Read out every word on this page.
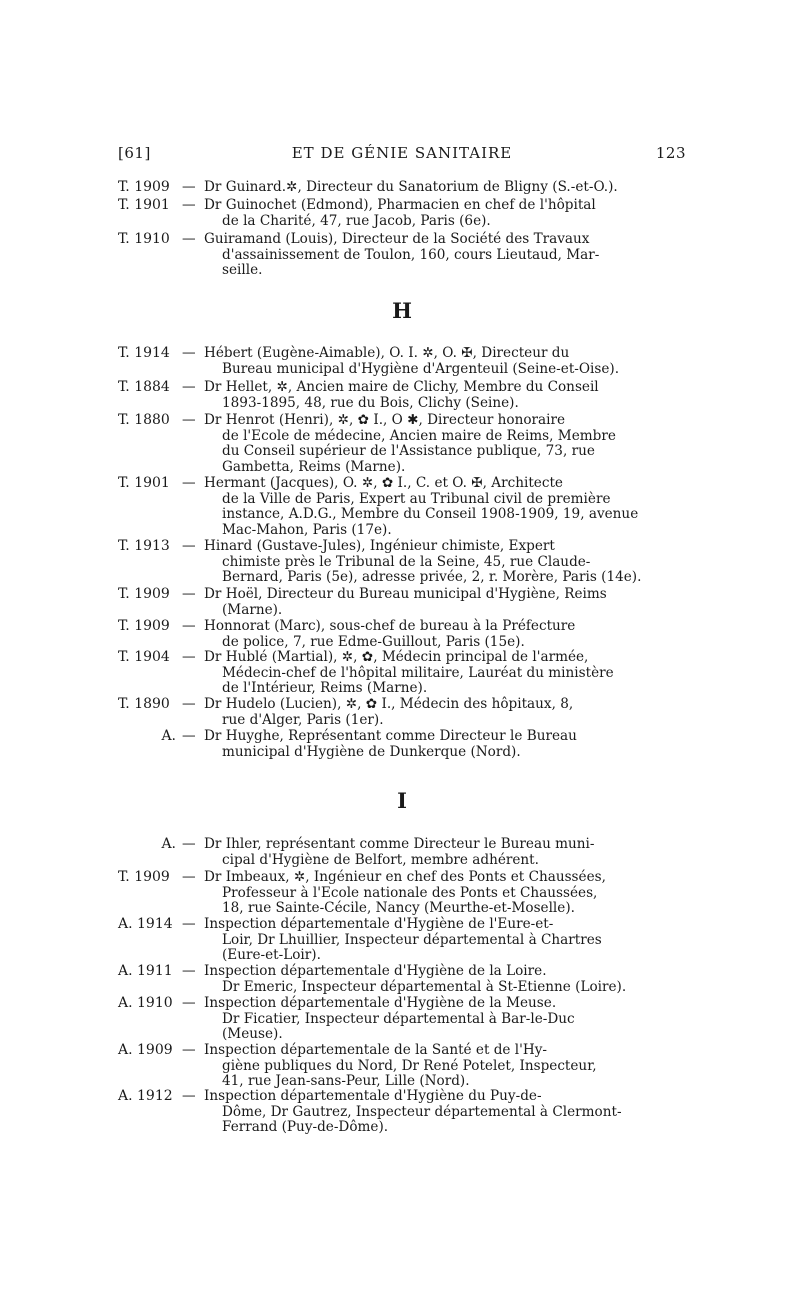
[61]	ET DE GÉNIE SANITAIRE	123
T. 1909 — Dr Guinard.✲, Directeur du Sanatorium de Bligny (S.-et-O.).
T. 1901 — Dr Guinochet (Edmond), Pharmacien en chef de l'hôpital
de la Charité, 47, rue Jacob, Paris (6e).
T. 1910 — Guiramand (Louis), Directeur de la Société des Travaux
d'assainissement de Toulon, 160, cours Lieutaud, Mar-
seille.
H
T. 1914 — Hébert (Eugène-Aimable), O. I. ✲, O. ✠, Directeur du
Bureau municipal d'Hygiène d'Argenteuil (Seine-et-Oise).
T. 1884 — Dr Hellet, ✲, Ancien maire de Clichy, Membre du Conseil
1893-1895, 48, rue du Bois, Clichy (Seine).
T. 1880 — Dr Henrot (Henri), ✲, ✿ I., O ✱, Directeur honoraire
de l'Ecole de médecine, Ancien maire de Reims, Membre
du Conseil supérieur de l'Assistance publique, 73, rue
Gambetta, Reims (Marne).
T. 1901 — Hermant (Jacques), O. ✲, ✿ I., C. et O. ✠, Architecte
de la Ville de Paris, Expert au Tribunal civil de première
instance, A.D.G., Membre du Conseil 1908-1909, 19, avenue
Mac-Mahon, Paris (17e).
T. 1913 — Hinard (Gustave-Jules), Ingénieur chimiste, Expert
chimiste près le Tribunal de la Seine, 45, rue Claude-
Bernard, Paris (5e), adresse privée, 2, r. Morère, Paris (14e).
T. 1909 — Dr Hoël, Directeur du Bureau municipal d'Hygiène, Reims
(Marne).
T. 1909 — Honnorat (Marc), sous-chef de bureau à la Préfecture
de police, 7, rue Edme-Guillout, Paris (15e).
T. 1904 — Dr Hublé (Martial), ✲, ✿, Médecin principal de l'armée,
Médecin-chef de l'hôpital militaire, Lauréat du ministère
de l'Intérieur, Reims (Marne).
T. 1890 — Dr Hudelo (Lucien), ✲, ✿ I., Médecin des hôpitaux, 8,
rue d'Alger, Paris (1er).
A. — Dr Huyghe, Représentant comme Directeur le Bureau
municipal d'Hygiène de Dunkerque (Nord).
I
A. — Dr Ihler, représentant comme Directeur le Bureau muni-
cipal d'Hygiène de Belfort, membre adhérent.
T. 1909 — Dr Imbeaux, ✲, Ingénieur en chef des Ponts et Chaussées,
Professeur à l'Ecole nationale des Ponts et Chaussées,
18, rue Sainte-Cécile, Nancy (Meurthe-et-Moselle).
A. 1914 — Inspection départementale d'Hygiène de l'Eure-et-
Loir, Dr Lhuillier, Inspecteur départemental à Chartres
(Eure-et-Loir).
A. 1911 — Inspection départementale d'Hygiène de la Loire.
Dr Emeric, Inspecteur départemental à St-Etienne (Loire).
A. 1910 — Inspection départementale d'Hygiène de la Meuse.
Dr Ficatier, Inspecteur départemental à Bar-le-Duc
(Meuse).
A. 1909 — Inspection départementale de la Santé et de l'Hy-
giène publiques du Nord, Dr René Potelet, Inspecteur,
41, rue Jean-sans-Peur, Lille (Nord).
A. 1912 — Inspection départementale d'Hygiène du Puy-de-
Dôme, Dr Gautrez, Inspecteur départemental à Clermont-
Ferrand (Puy-de-Dôme).
